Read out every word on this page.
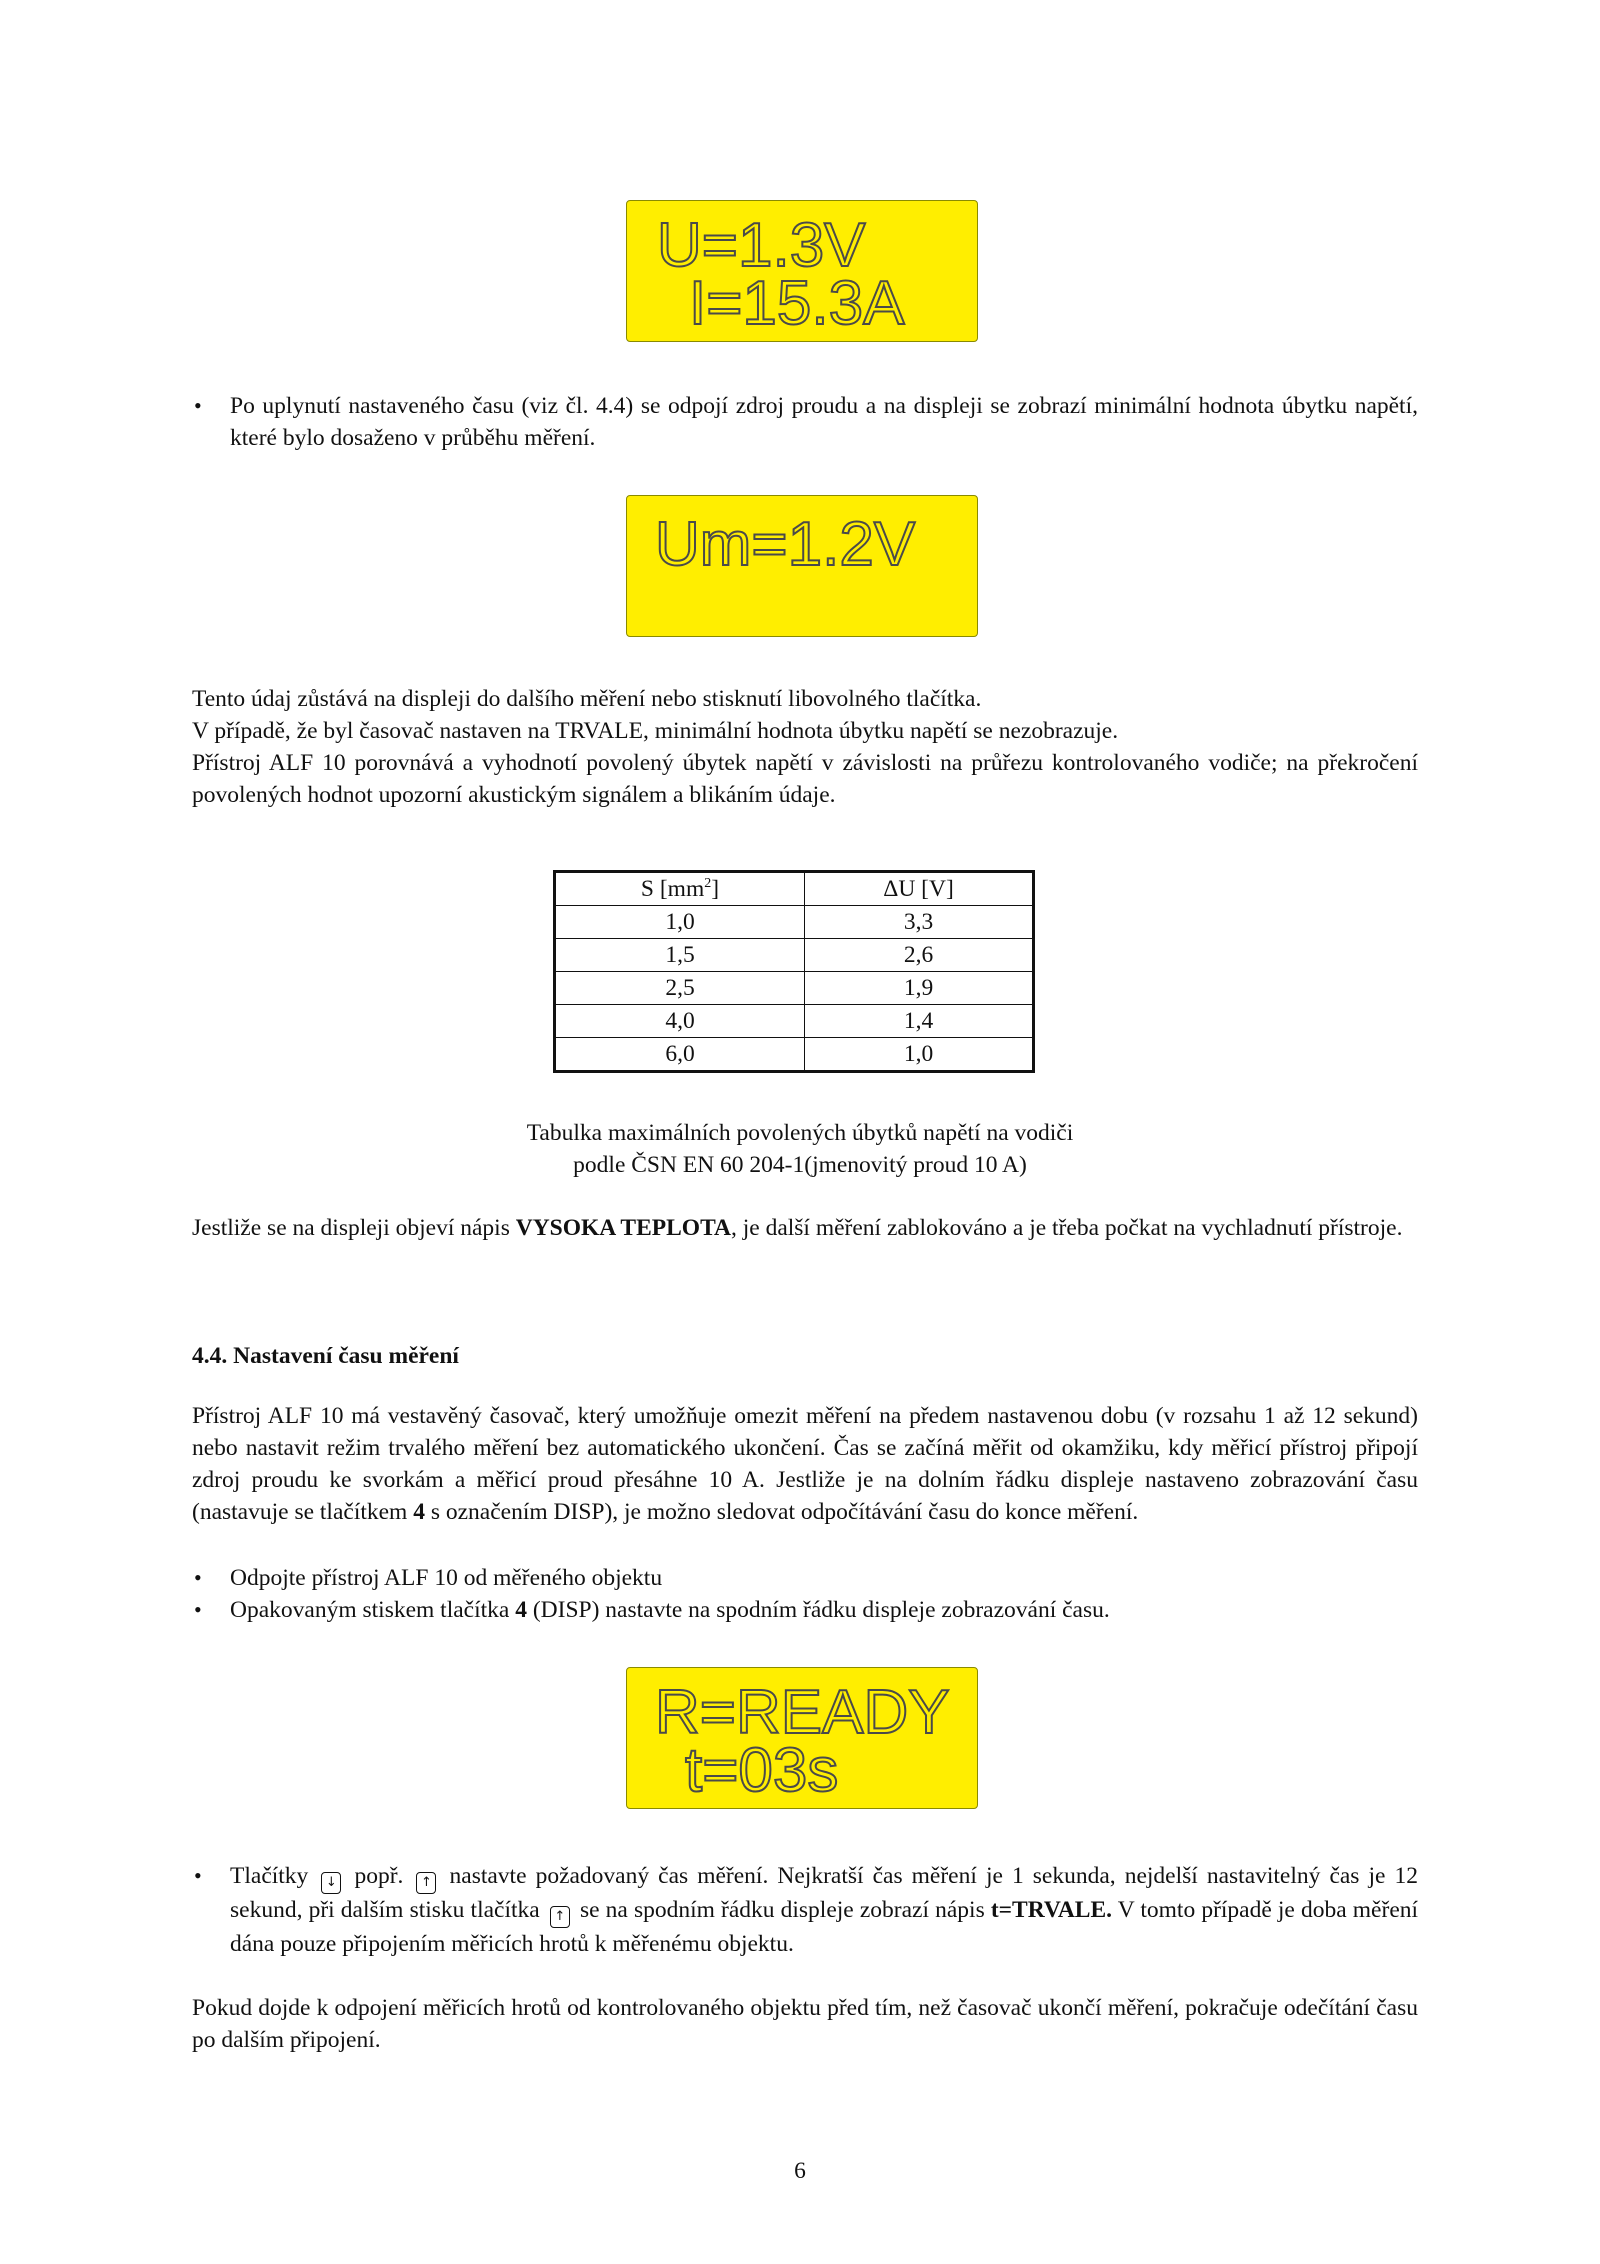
U=1.3V
I=15.3A
• Po uplynutí nastaveného času (viz čl. 4.4) se odpojí zdroj proudu a na displeji se zobrazí minimální hodnota úbytku napětí, které bylo dosaženo v průběhu měření.
Um=1.2V

Tento údaj zůstává na displeji do dalšího měření nebo stisknutí libovolného tlačítka.
V případě, že byl časovač nastaven na TRVALE, minimální hodnota úbytku napětí se nezobrazuje.
Přístroj ALF 10 porovnává a vyhodnotí povolený úbytek napětí v závislosti na průřezu kontrolovaného vodiče; na překročení povolených hodnot upozorní akustickým signálem a blikáním údaje.

S $[mm^2]$	ΔU [V]
1,0	3,3
1,5	2,6
2,5	1,9
4,0	1,4
6,0	1,0

Tabulka maximálních povolených úbytků napětí na vodiči
podle ČSN EN 60 204-1(jmenovitý proud 10 A)

Jestliže se na displeji objeví nápis VYSOKA TEPLOTA, je další měření zablokováno a je třeba počkat na vychladnutí přístroje.

4.4. Nastavení času měření

Přístroj ALF 10 má vestavěný časovač, který umožňuje omezit měření na předem nastavenou dobu (v rozsahu 1 až 12 sekund) nebo nastavit režim trvalého měření bez automatického ukončení. Čas se začíná měřit od okamžiku, kdy měřicí přístroj připojí zdroj proudu ke svorkám a měřicí proud přesáhne 10 A. Jestliže je na dolním řádku displeje nastaveno zobrazování času (nastavuje se tlačítkem 4 s označením DISP), je možno sledovat odpočítávání času do konce měření.

• Odpojte přístroj ALF 10 od měřeného objektu
• Opakovaným stiskem tlačítka 4 (DISP) nastavte na spodním řádku displeje zobrazování času.
R=READY
t=03s
• Tlačítky ↓ popř. ↑ nastavte požadovaný čas měření. Nejkratší čas měření je 1 sekunda, nejdelší nastavitelný čas je 12 sekund, při dalším stisku tlačítka ↑ se na spodním řádku displeje zobrazí nápis t=TRVALE. V tomto případě je doba měření dána pouze připojením měřicích hrotů k měřenému objektu.

Pokud dojde k odpojení měřicích hrotů od kontrolovaného objektu před tím, než časovač ukončí měření, pokračuje odečítání času po dalším připojení.

6
